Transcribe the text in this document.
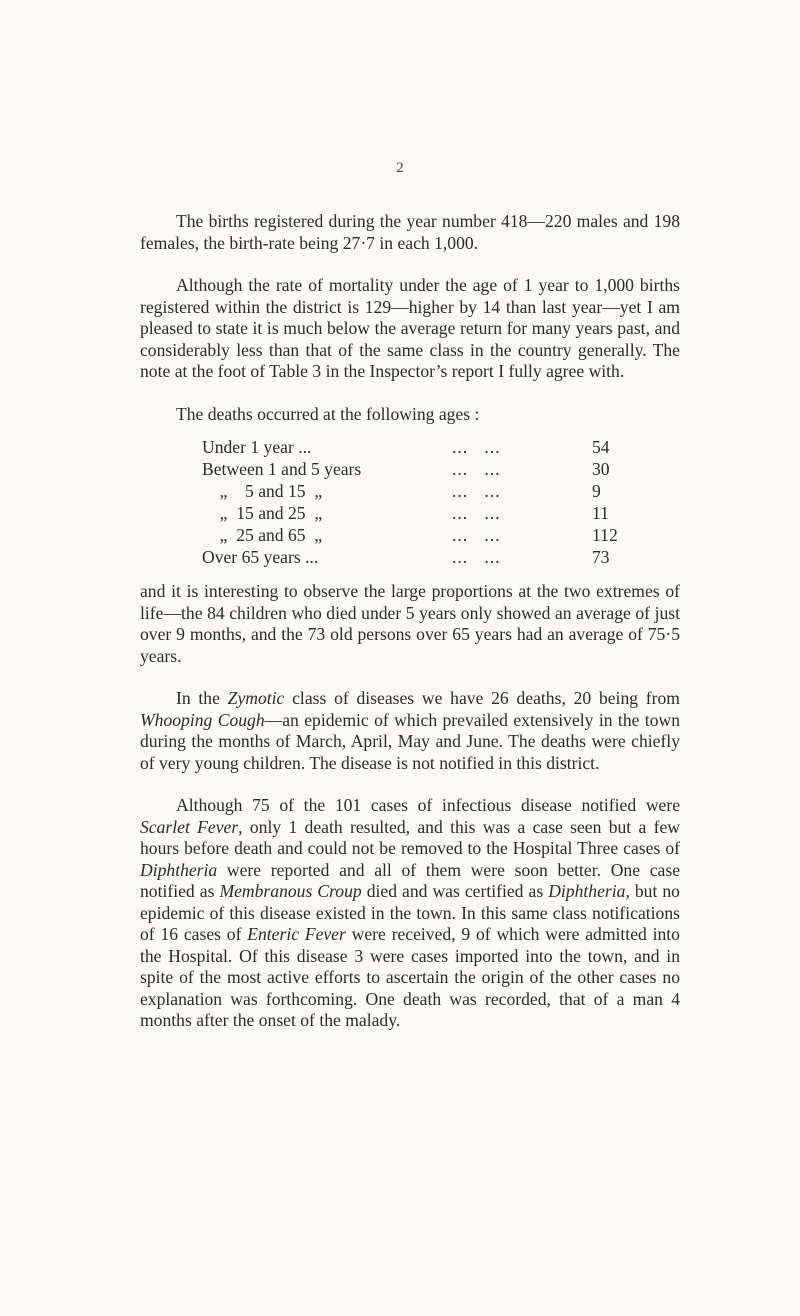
2

The births registered during the year number 418—220 males and 198 females, the birth-rate being 27·7 in each 1,000.

Although the rate of mortality under the age of 1 year to 1,000 births registered within the district is 129—higher by 14 than last year—yet I am pleased to state it is much below the average return for many years past, and considerably less than that of the same class in the country generally. The note at the foot of Table 3 in the Inspector’s report I fully agree with.

The deaths occurred at the following ages :

Under 1 year ...	...   ...	54
Between 1 and 5 years	...   ...	30
„    5 and 15  „	...   ...	9
„  15 and 25  „	...   ...	11
„  25 and 65  „	...   ...	112
Over 65 years ...	...   ...	73

and it is interesting to observe the large proportions at the two extremes of life—the 84 children who died under 5 years only showed an average of just over 9 months, and the 73 old persons over 65 years had an average of 75·5 years.

In the Zymotic class of diseases we have 26 deaths, 20 being from Whooping Cough—an epidemic of which prevailed extensively in the town during the months of March, April, May and June. The deaths were chiefly of very young children. The disease is not notified in this district.

Although 75 of the 101 cases of infectious disease notified were Scarlet Fever, only 1 death resulted, and this was a case seen but a few hours before death and could not be removed to the Hospital Three cases of Diphtheria were reported and all of them were soon better. One case notified as Membranous Croup died and was certified as Diphtheria, but no epidemic of this disease existed in the town. In this same class notifications of 16 cases of Enteric Fever were received, 9 of which were admitted into the Hospital. Of this disease 3 were cases imported into the town, and in spite of the most active efforts to ascertain the origin of the other cases no explanation was forthcoming. One death was recorded, that of a man 4 months after the onset of the malady.
